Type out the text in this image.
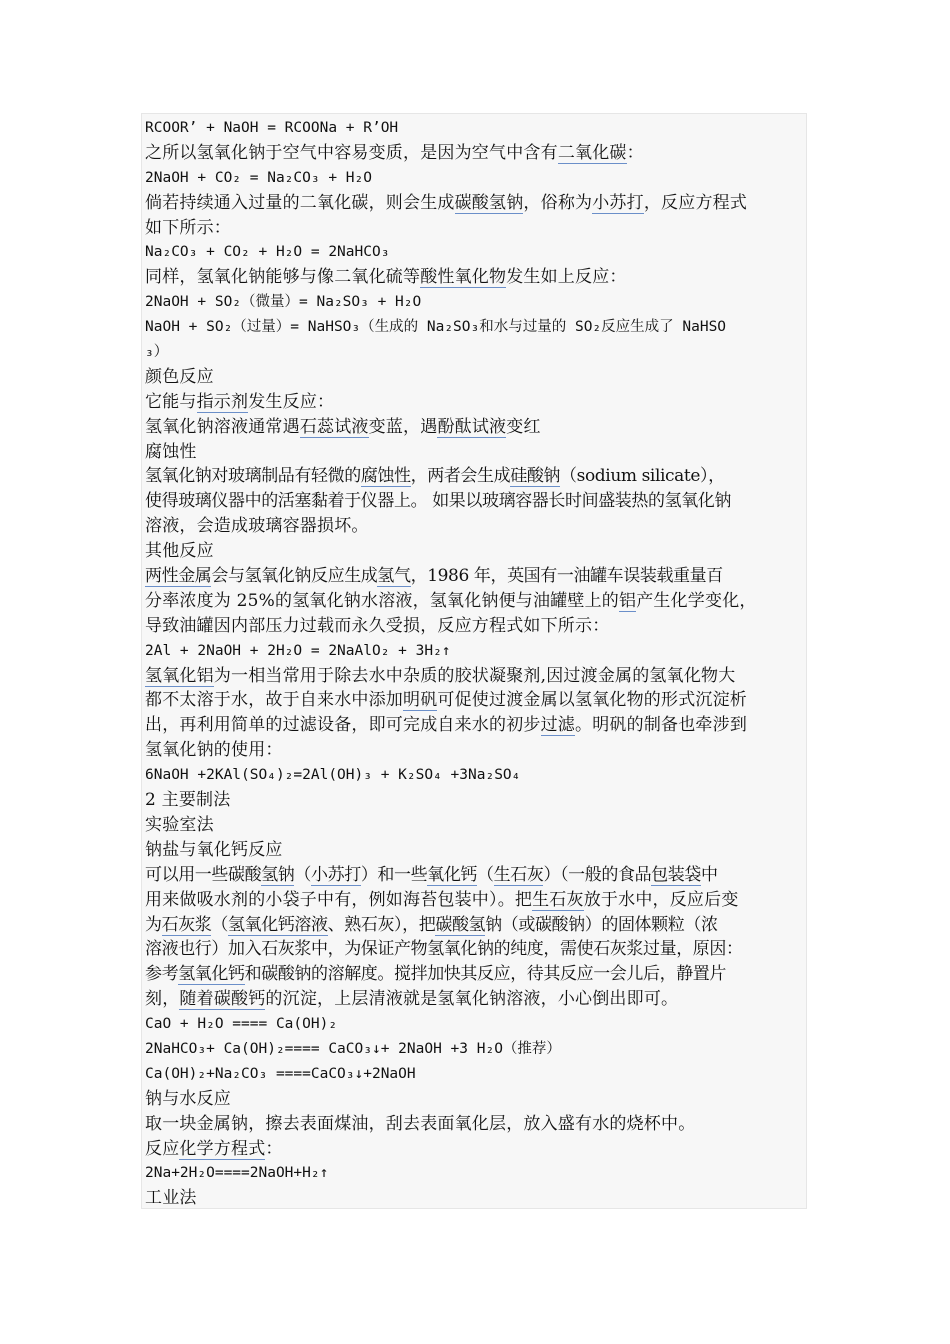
RCOOR’ + NaOH = RCOONa + R’OH
之所以氢氧化钠于空气中容易变质，是因为空气中含有二氧化碳：
2NaOH + CO₂ = Na₂CO₃ + H₂O
倘若持续通入过量的二氧化碳，则会生成碳酸氢钠，俗称为小苏打，反应方程式
如下所示：
Na₂CO₃ + CO₂ + H₂O = 2NaHCO₃
同样，氢氧化钠能够与像二氧化硫等酸性氧化物发生如上反应：
2NaOH + SO₂（微量）= Na₂SO₃ + H₂O
NaOH + SO₂（过量）= NaHSO₃（生成的 Na₂SO₃和水与过量的 SO₂反应生成了 NaHSO
₃）
颜色反应
它能与指示剂发生反应：
氢氧化钠溶液通常遇石蕊试液变蓝，遇酚酞试液变红
腐蚀性
氢氧化钠对玻璃制品有轻微的腐蚀性，两者会生成硅酸钠（sodium silicate），
使得玻璃仪器中的活塞黏着于仪器上。 如果以玻璃容器长时间盛装热的氢氧化钠
溶液，会造成玻璃容器损坏。
其他反应
两性金属会与氢氧化钠反应生成氢气，1986 年，英国有一油罐车误装载重量百
分率浓度为 25%的氢氧化钠水溶液，氢氧化钠便与油罐壁上的铝产生化学变化，
导致油罐因内部压力过载而永久受损，反应方程式如下所示：
2Al + 2NaOH + 2H₂O = 2NaAlO₂ + 3H₂↑
氢氧化铝为一相当常用于除去水中杂质的胶状凝聚剂,因过渡金属的氢氧化物大
都不太溶于水，故于自来水中添加明矾可促使过渡金属以氢氧化物的形式沉淀析
出，再利用简单的过滤设备，即可完成自来水的初步过滤。明矾的制备也牵涉到
氢氧化钠的使用：
6NaOH +2KAl(SO₄)₂=2Al(OH)₃ + K₂SO₄ +3Na₂SO₄
2 主要制法
实验室法
钠盐与氧化钙反应
可以用一些碳酸氢钠（小苏打）和一些氧化钙（生石灰）（一般的食品包装袋中
用来做吸水剂的小袋子中有，例如海苔包装中）。把生石灰放于水中，反应后变
为石灰浆（氢氧化钙溶液、熟石灰），把碳酸氢钠（或碳酸钠）的固体颗粒（浓
溶液也行）加入石灰浆中，为保证产物氢氧化钠的纯度，需使石灰浆过量，原因：
参考氢氧化钙和碳酸钠的溶解度。搅拌加快其反应，待其反应一会儿后，静置片
刻，随着碳酸钙的沉淀，上层清液就是氢氧化钠溶液，小心倒出即可。
CaO + H₂O ==== Ca(OH)₂
2NaHCO₃+ Ca(OH)₂==== CaCO₃↓+ 2NaOH +3 H₂O（推荐）
Ca(OH)₂+Na₂CO₃ ====CaCO₃↓+2NaOH
钠与水反应
取一块金属钠，擦去表面煤油，刮去表面氧化层，放入盛有水的烧杯中。
反应化学方程式：
2Na+2H₂O====2NaOH+H₂↑
工业法
